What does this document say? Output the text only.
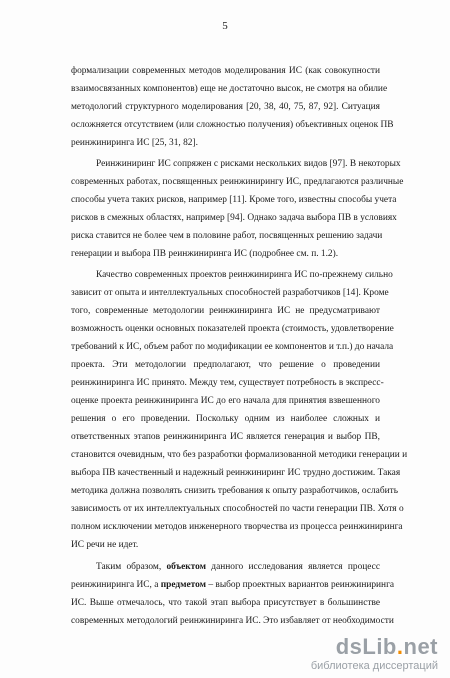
5
формализации современных методов моделирования ИС (как совокупности
взаимосвязанных компонентов) еще не достаточно высок, не смотря на обилие
методологий структурного моделирования [20, 38, 40, 75, 87, 92]. Ситуация
осложняется отсутствием (или сложностью получения) объективных оценок ПВ
реинжиниринга ИС [25, 31, 82].
Реинжиниринг ИС сопряжен с рисками нескольких видов [97]. В некоторых
современных работах, посвященных реинжинирингу ИС, предлагаются различные
способы учета таких рисков, например [11]. Кроме того, известны способы учета
рисков в смежных областях, например [94]. Однако задача выбора ПВ в условиях
риска ставится не более чем в половине работ, посвященных решению задачи
генерации и выбора ПВ реинжиниринга ИС (подробнее см. п. 1.2).
Качество современных проектов реинжиниринга ИС по-прежнему сильно
зависит от опыта и интеллектуальных способностей разработчиков [14]. Кроме
того, современные методологии реинжиниринга ИС не предусматривают
возможность оценки основных показателей проекта (стоимость, удовлетворение
требований к ИС, объем работ по модификации ее компонентов и т.п.) до начала
проекта. Эти методологии предполагают, что решение о проведении
реинжиниринга ИС принято. Между тем, существует потребность в экспресс-
оценке проекта реинжиниринга ИС до его начала для принятия взвешенного
решения о его проведении. Поскольку одним из наиболее сложных и
ответственных этапов реинжиниринга ИС является генерация и выбор ПВ,
становится очевидным, что без разработки формализованной методики генерации и
выбора ПВ качественный и надежный реинжиниринг ИС трудно достижим. Такая
методика должна позволять снизить требования к опыту разработчиков, ослабить
зависимость от их интеллектуальных способностей по части генерации ПВ. Хотя о
полном исключении методов инженерного творчества из процесса реинжиниринга
ИС речи не идет.
Таким образом, объектом данного исследования является процесс
реинжиниринга ИС, а предметом – выбор проектных вариантов реинжиниринга
ИС. Выше отмечалось, что такой этап выбора присутствует в большинстве
современных методологий реинжиниринга ИС. Это избавляет от необходимости
dsLib.net
библиотека диссертаций
